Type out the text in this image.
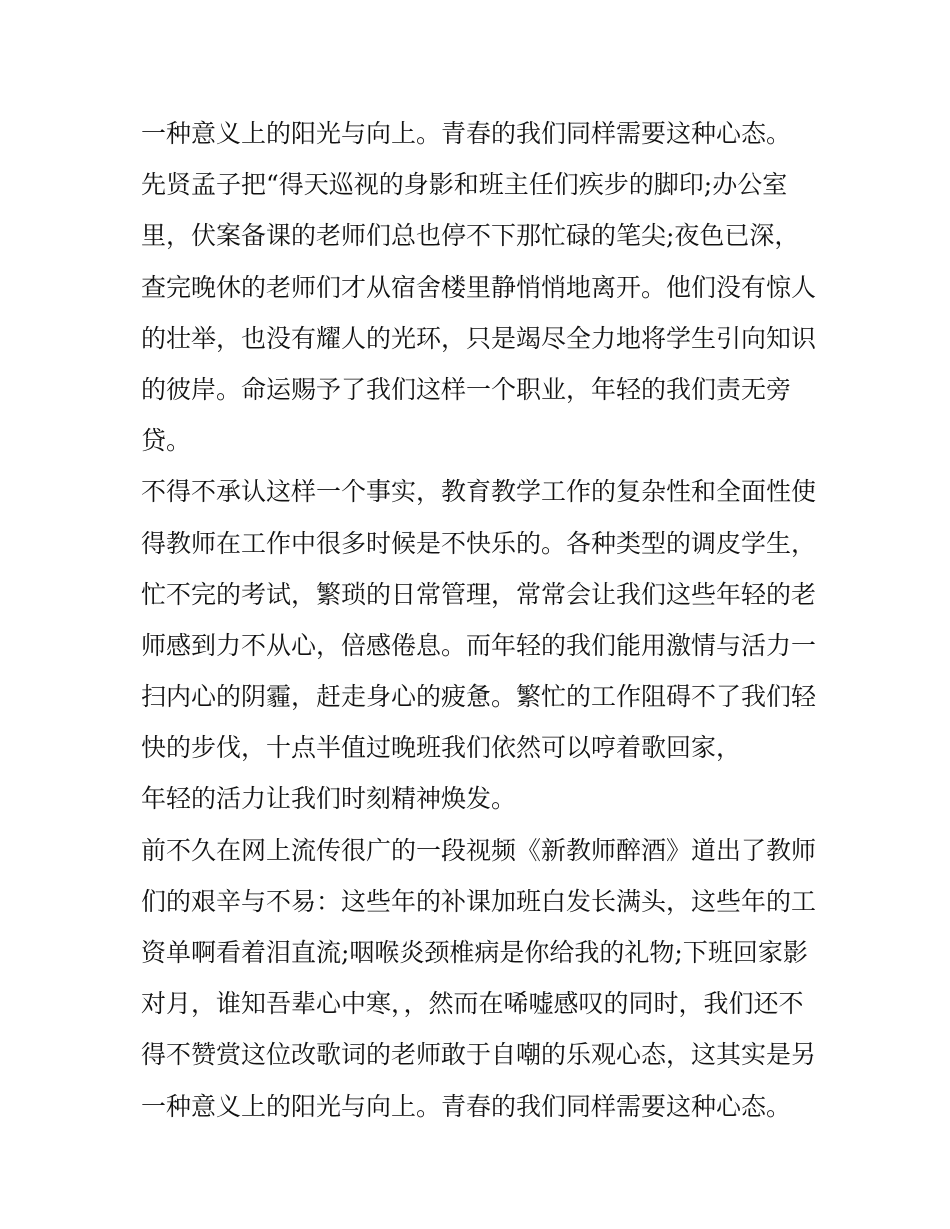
一种意义上的阳光与向上。青春的我们同样需要这种心态。
先贤孟子把“得天巡视的身影和班主任们疾步的脚印;办公室
里，伏案备课的老师们总也停不下那忙碌的笔尖;夜色已深，
查完晚休的老师们才从宿舍楼里静悄悄地离开。他们没有惊人
的壮举，也没有耀人的光环，只是竭尽全力地将学生引向知识
的彼岸。命运赐予了我们这样一个职业，年轻的我们责无旁
贷。
不得不承认这样一个事实，教育教学工作的复杂性和全面性使
得教师在工作中很多时候是不快乐的。各种类型的调皮学生，
忙不完的考试，繁琐的日常管理，常常会让我们这些年轻的老
师感到力不从心，倍感倦息。而年轻的我们能用激情与活力一
扫内心的阴霾，赶走身心的疲惫。繁忙的工作阻碍不了我们轻
快的步伐，十点半值过晚班我们依然可以哼着歌回家，
年轻的活力让我们时刻精神焕发。
前不久在网上流传很广的一段视频《新教师醉酒》道出了教师
们的艰辛与不易：这些年的补课加班白发长满头，这些年的工
资单啊看着泪直流;咽喉炎颈椎病是你给我的礼物;下班回家影
对月，谁知吾辈心中寒，，然而在唏嘘感叹的同时，我们还不
得不赞赏这位改歌词的老师敢于自嘲的乐观心态，这其实是另
一种意义上的阳光与向上。青春的我们同样需要这种心态。
